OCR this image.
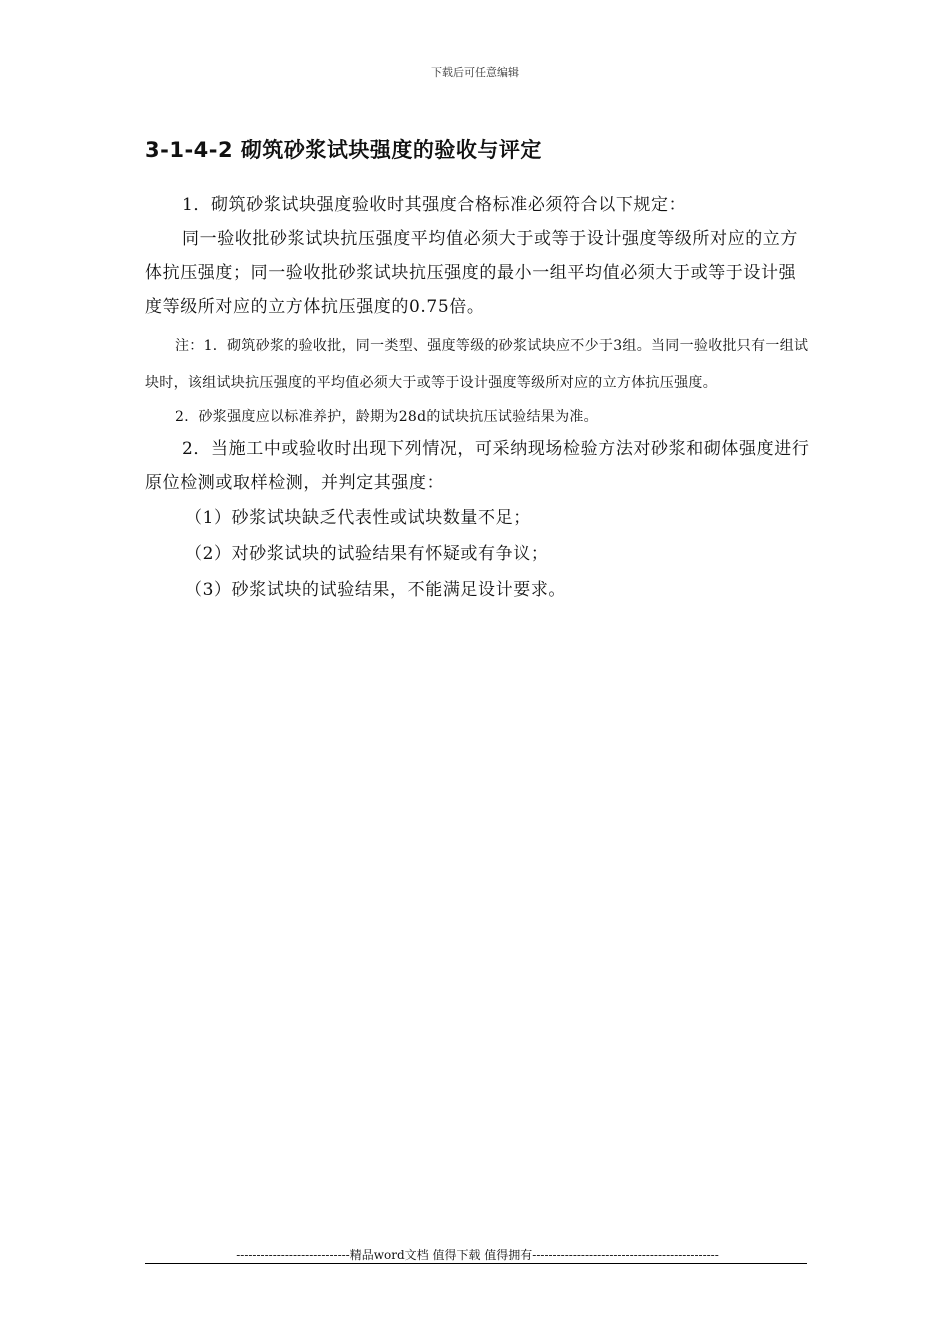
下载后可任意编辑
3-1-4-2 砌筑砂浆试块强度的验收与评定

1．砌筑砂浆试块强度验收时其强度合格标准必须符合以下规定：

同一验收批砂浆试块抗压强度平均值必须大于或等于设计强度等级所对应的立方体抗压强度；同一验收批砂浆试块抗压强度的最小一组平均值必须大于或等于设计强度等级所对应的立方体抗压强度的0.75倍。

注：1．砌筑砂浆的验收批，同一类型、强度等级的砂浆试块应不少于3组。当同一验收批只有一组试块时，该组试块抗压强度的平均值必须大于或等于设计强度等级所对应的立方体抗压强度。

2．砂浆强度应以标准养护，龄期为28d的试块抗压试验结果为准。

2．当施工中或验收时出现下列情况，可采纳现场检验方法对砂浆和砌体强度进行原位检测或取样检测，并判定其强度：

（1）砂浆试块缺乏代表性或试块数量不足；

（2）对砂浆试块的试验结果有怀疑或有争议；

（3）砂浆试块的试验结果，不能满足设计要求。

----------------------------精品word文档 值得下载 值得拥有----------------------------------------------
